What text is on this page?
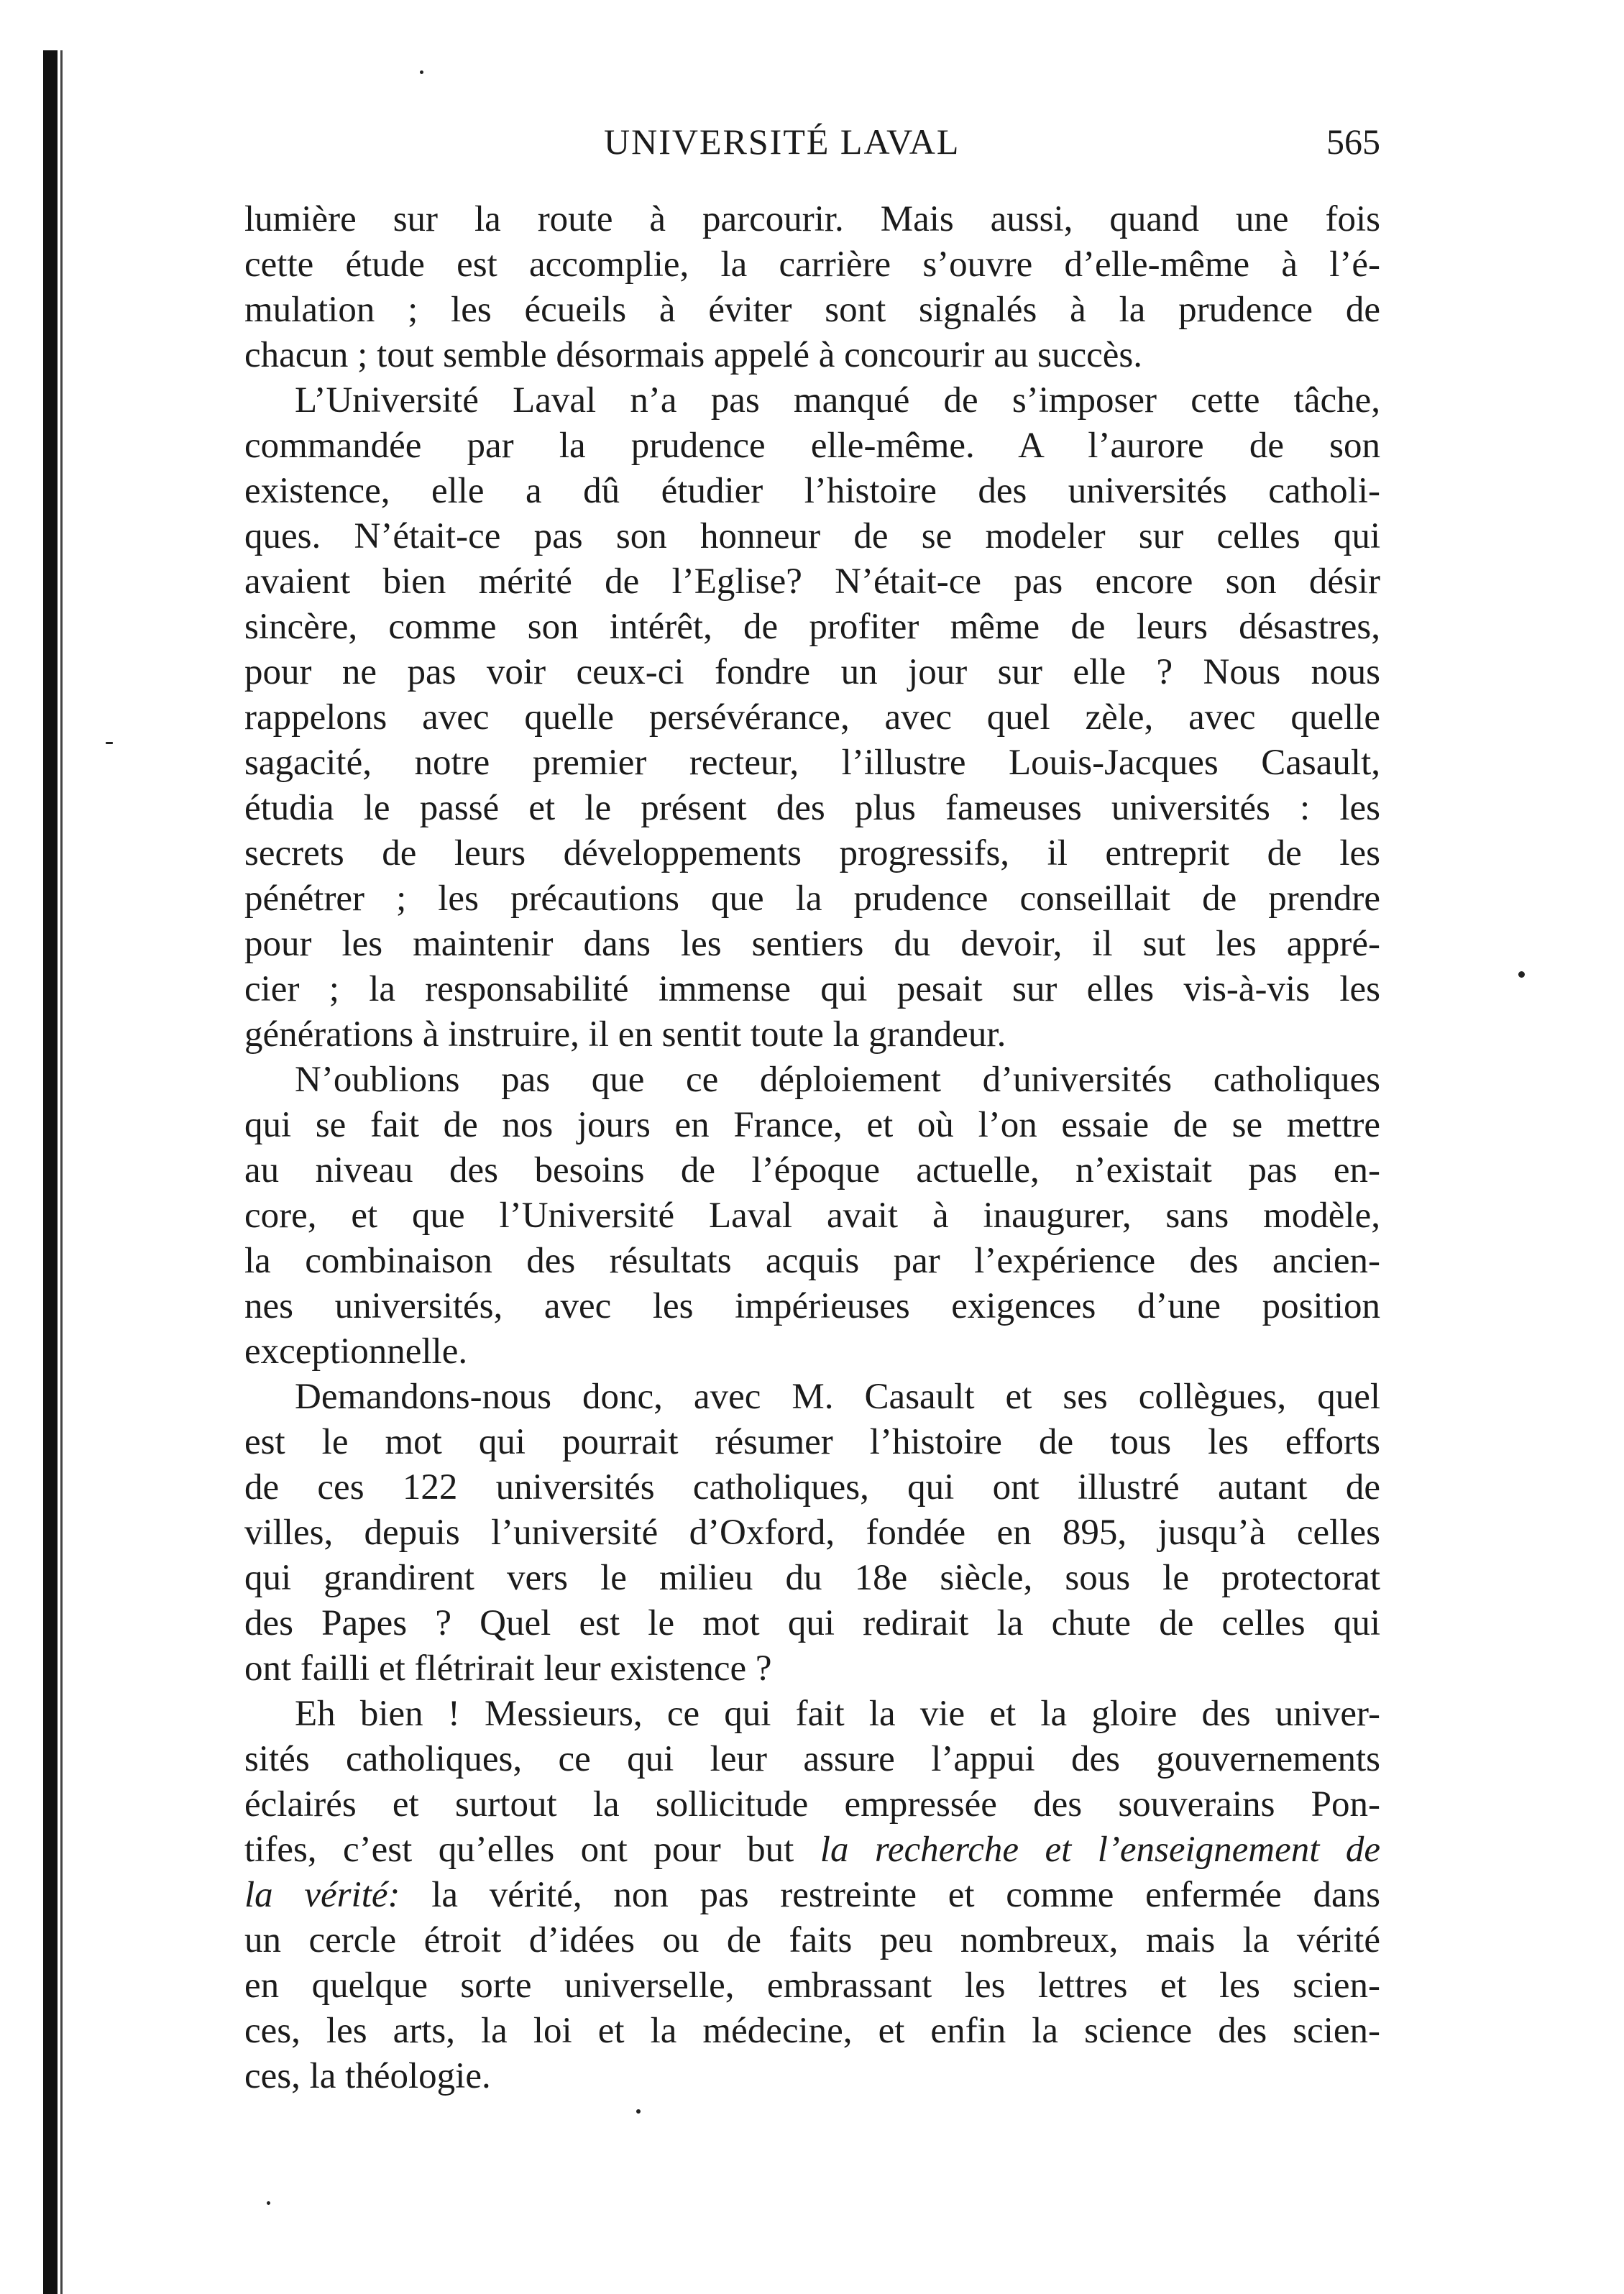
UNIVERSITÉ LAVAL	565
lumière sur la route à parcourir. Mais aussi, quand une fois
cette étude est accomplie, la carrière s’ouvre d’elle-même à l’é-
mulation ; les écueils à éviter sont signalés à la prudence de
chacun ; tout semble désormais appelé à concourir au succès.
L’Université Laval n’a pas manqué de s’imposer cette tâche,
commandée par la prudence elle-même. A l’aurore de son
existence, elle a dû étudier l’histoire des universités catholi-
ques. N’était-ce pas son honneur de se modeler sur celles qui
avaient bien mérité de l’Eglise? N’était-ce pas encore son désir
sincère, comme son intérêt, de profiter même de leurs désastres,
pour ne pas voir ceux-ci fondre un jour sur elle ? Nous nous
rappelons avec quelle persévérance, avec quel zèle, avec quelle
sagacité, notre premier recteur, l’illustre Louis-Jacques Casault,
étudia le passé et le présent des plus fameuses universités : les
secrets de leurs développements progressifs, il entreprit de les
pénétrer ; les précautions que la prudence conseillait de prendre
pour les maintenir dans les sentiers du devoir, il sut les appré-
cier ; la responsabilité immense qui pesait sur elles vis-à-vis les
générations à instruire, il en sentit toute la grandeur.
N’oublions pas que ce déploiement d’universités catholiques
qui se fait de nos jours en France, et où l’on essaie de se mettre
au niveau des besoins de l’époque actuelle, n’existait pas en-
core, et que l’Université Laval avait à inaugurer, sans modèle,
la combinaison des résultats acquis par l’expérience des ancien-
nes universités, avec les impérieuses exigences d’une position
exceptionnelle.
Demandons-nous donc, avec M. Casault et ses collègues, quel
est le mot qui pourrait résumer l’histoire de tous les efforts
de ces 122 universités catholiques, qui ont illustré autant de
villes, depuis l’université d’Oxford, fondée en 895, jusqu’à celles
qui grandirent vers le milieu du 18e siècle, sous le protectorat
des Papes ? Quel est le mot qui redirait la chute de celles qui
ont failli et flétrirait leur existence ?
Eh bien ! Messieurs, ce qui fait la vie et la gloire des univer-
sités catholiques, ce qui leur assure l’appui des gouvernements
éclairés et surtout la sollicitude empressée des souverains Pon-
tifes, c’est qu’elles ont pour but la recherche et l’enseignement de
la vérité: la vérité, non pas restreinte et comme enfermée dans
un cercle étroit d’idées ou de faits peu nombreux, mais la vérité
en quelque sorte universelle, embrassant les lettres et les scien-
ces, les arts, la loi et la médecine, et enfin la science des scien-
ces, la théologie.
